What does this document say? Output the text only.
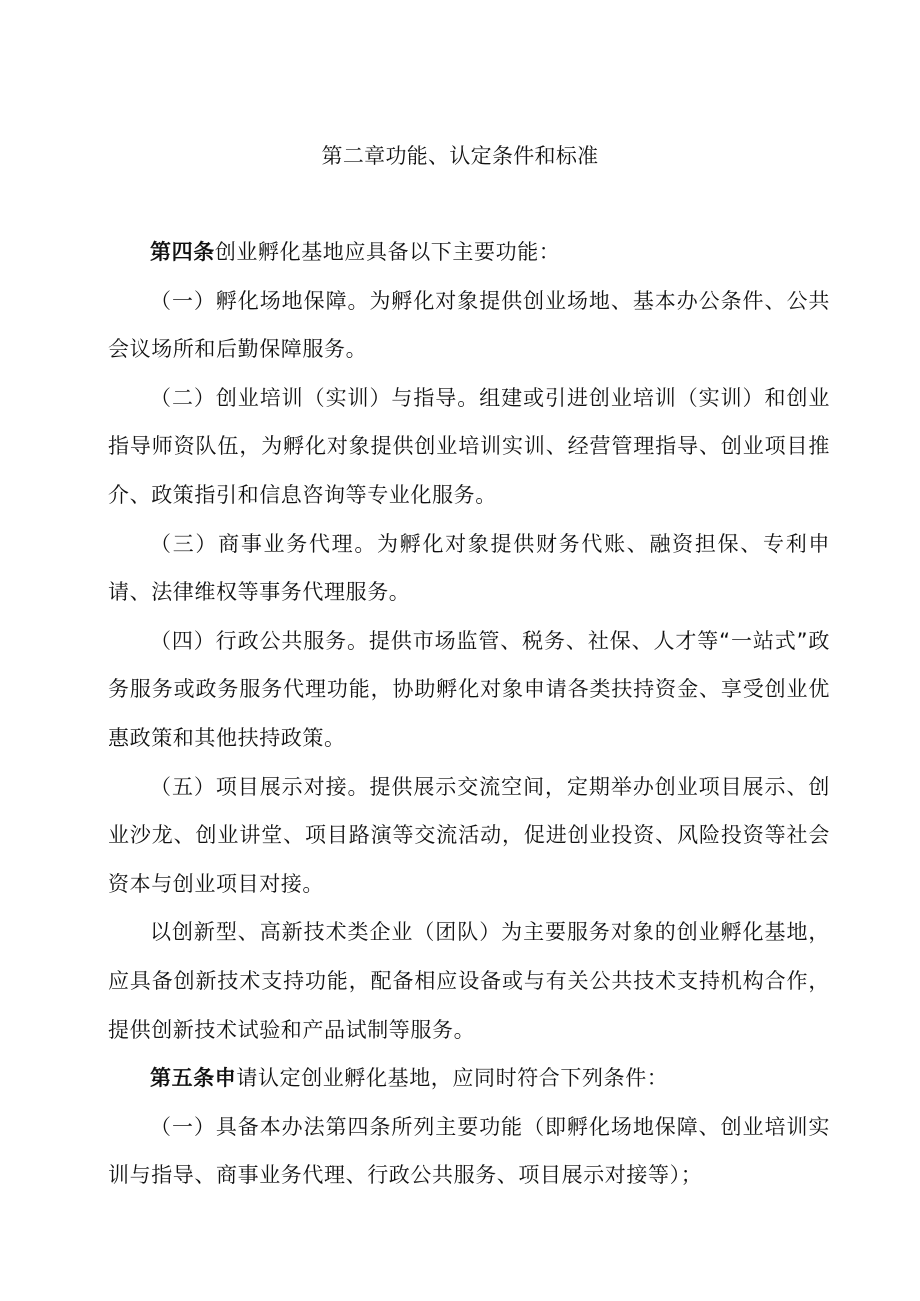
第二章功能、认定条件和标准

第四条创业孵化基地应具备以下主要功能：

（一）孵化场地保障。为孵化对象提供创业场地、基本办公条件、公共会议场所和后勤保障服务。

（二）创业培训（实训）与指导。组建或引进创业培训（实训）和创业指导师资队伍，为孵化对象提供创业培训实训、经营管理指导、创业项目推介、政策指引和信息咨询等专业化服务。

（三）商事业务代理。为孵化对象提供财务代账、融资担保、专利申请、法律维权等事务代理服务。

（四）行政公共服务。提供市场监管、税务、社保、人才等“一站式”政务服务或政务服务代理功能，协助孵化对象申请各类扶持资金、享受创业优惠政策和其他扶持政策。

（五）项目展示对接。提供展示交流空间，定期举办创业项目展示、创业沙龙、创业讲堂、项目路演等交流活动，促进创业投资、风险投资等社会资本与创业项目对接。

以创新型、高新技术类企业（团队）为主要服务对象的创业孵化基地，应具备创新技术支持功能，配备相应设备或与有关公共技术支持机构合作，提供创新技术试验和产品试制等服务。

第五条申请认定创业孵化基地，应同时符合下列条件：

（一）具备本办法第四条所列主要功能（即孵化场地保障、创业培训实训与指导、商事业务代理、行政公共服务、项目展示对接等）；
